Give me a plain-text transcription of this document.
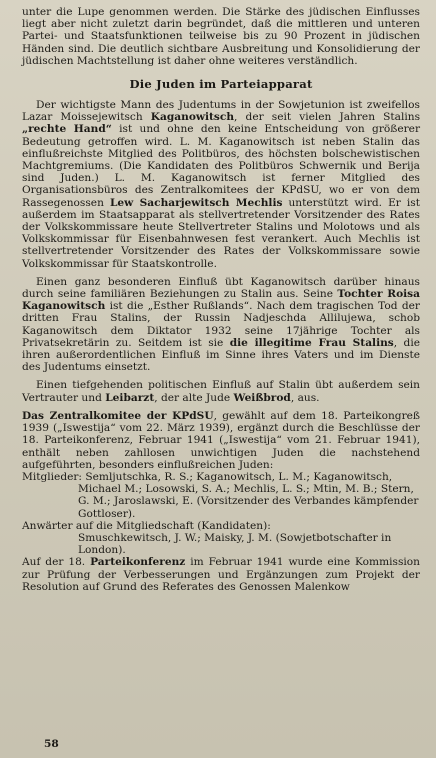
unter die Lupe genommen werden. Die Stärke des jüdischen Einflusses liegt aber nicht zuletzt darin begründet, daß die mittleren und unteren Partei- und Staatsfunktionen teilweise bis zu 90 Prozent in jüdischen Händen sind. Die deutlich sichtbare Ausbreitung und Konsolidierung der jüdischen Machtstellung ist daher ohne weiteres verständlich.

Die Juden im Parteiapparat

Der wichtigste Mann des Judentums in der Sowjetunion ist zweifellos Lazar Moissejewitsch Kaganowitsch, der seit vielen Jahren Stalins „rechte Hand“ ist und ohne den keine Entscheidung von größerer Bedeutung getroffen wird. L. M. Kaganowitsch ist neben Stalin das einflußreichste Mitglied des Politbüros, des höchsten bolschewistischen Machtgremiums. (Die Kandidaten des Politbüros Schwernik und Berija sind Juden.) L. M. Kaganowitsch ist ferner Mitglied des Organisationsbüros des Zentralkomitees der KPdSU, wo er von dem Rassegenossen Lew Sacharjewitsch Mechlis unterstützt wird. Er ist außerdem im Staatsapparat als stellvertretender Vorsitzender des Rates der Volkskommissare heute Stellvertreter Stalins und Molotows und als Volkskommissar für Eisenbahnwesen fest verankert. Auch Mechlis ist stellvertretender Vorsitzender des Rates der Volkskommissare sowie Volkskommissar für Staatskontrolle.

Einen ganz besonderen Einfluß übt Kaganowitsch darüber hinaus durch seine familiären Beziehungen zu Stalin aus. Seine Tochter Roisa Kaganowitsch ist die „Esther Rußlands“. Nach dem tragischen Tod der dritten Frau Stalins, der Russin Nadjeschda Allilujewa, schob Kaganowitsch dem Diktator 1932 seine 17jährige Tochter als Privatsekretärin zu. Seitdem ist sie die illegitime Frau Stalins, die ihren außerordentlichen Einfluß im Sinne ihres Vaters und im Dienste des Judentums einsetzt.

Einen tiefgehenden politischen Einfluß auf Stalin übt außerdem sein Vertrauter und Leibarzt, der alte Jude Weißbrod, aus.

Das Zentralkomitee der KPdSU, gewählt auf dem 18. Parteikongreß 1939 („Iswestija“ vom 22. März 1939), ergänzt durch die Beschlüsse der 18. Parteikonferenz, Februar 1941 („Iswestija“ vom 21. Februar 1941), enthält neben zahllosen unwichtigen Juden die nachstehend aufgeführten, besonders einflußreichen Juden:

Mitglieder: Semljutschka, R. S.; Kaganowitsch, L. M.; Kaganowitsch,

Michael M.; Losowski, S. A.; Mechlis, L. S.; Mtin, M. B.; Stern, G. M.; Jaroslawski, E. (Vorsitzender des Verbandes kämpfender Gottloser).

Anwärter auf die Mitgliedschaft (Kandidaten):

Smuschkewitsch, J. W.; Maisky, J. M. (Sowjetbotschafter in London).

Auf der 18. Parteikonferenz im Februar 1941 wurde eine Kommission zur Prüfung der Verbesserungen und Ergänzungen zum Projekt der Resolution auf Grund des Referates des Genossen Malenkow

58
